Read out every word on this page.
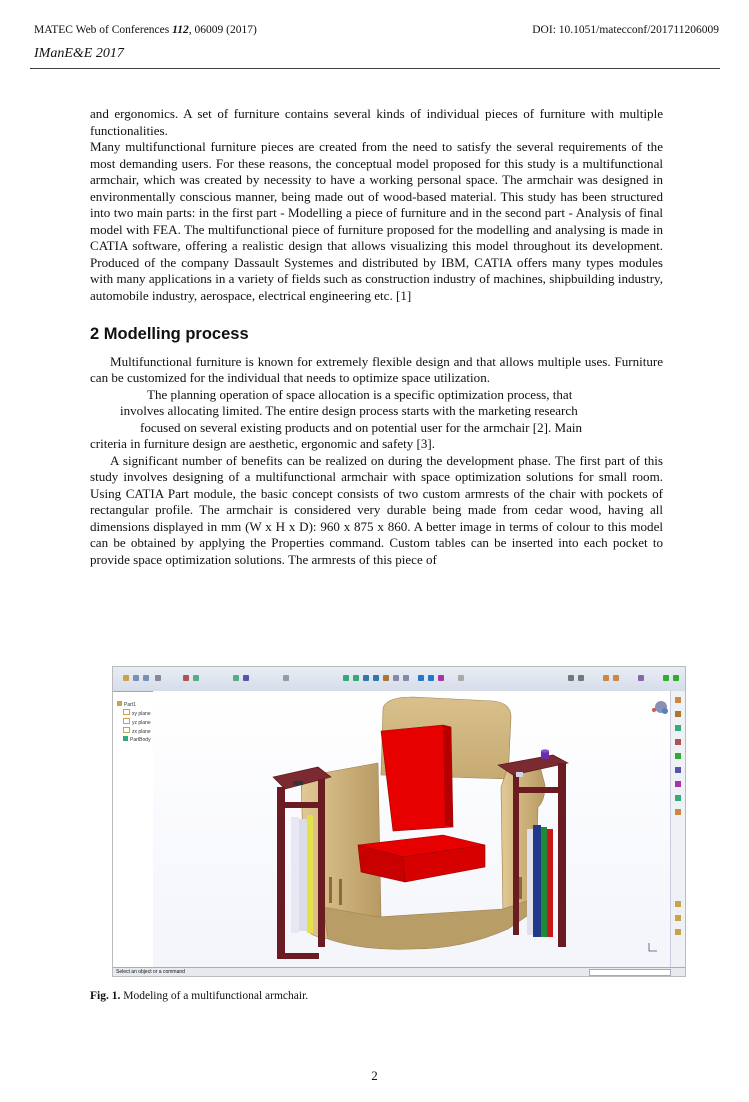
MATEC Web of Conferences 112, 06009 (2017)	DOI: 10.1051/matecconf/201711206009
IManE&E 2017

and ergonomics. A set of furniture contains several kinds of individual pieces of furniture with multiple functionalities.

Many multifunctional furniture pieces are created from the need to satisfy the several requirements of the most demanding users. For these reasons, the conceptual model proposed for this study is a multifunctional armchair, which was created by necessity to have a working personal space. The armchair was designed in environmentally conscious manner, being made out of wood-based material. This study has been structured into two main parts: in the first part - Modelling a piece of furniture and in the second part - Analysis of final model with FEA. The multifunctional piece of furniture proposed for the modelling and analysing is made in CATIA software, offering a realistic design that allows visualizing this model throughout its development. Produced of the company Dassault Systemes and distributed by IBM, CATIA offers many types modules with many applications in a variety of fields such as construction industry of machines, shipbuilding industry, automobile industry, aerospace, electrical engineering etc. [1]

2 Modelling process

Multifunctional furniture is known for extremely flexible design and that allows multiple uses. Furniture can be customized for the individual that needs to optimize space utilization.

The planning operation of space allocation is a specific optimization process, that

involves allocating limited. The entire design process starts with the marketing research

focused on several existing products and on potential user for the armchair [2]. Main

criteria in furniture design are aesthetic, ergonomic and safety [3].

A significant number of benefits can be realized on during the development phase. The first part of this study involves designing of a multifunctional armchair with space optimization solutions for small room. Using CATIA Part module, the basic concept consists of two custom armrests of the chair with pockets of rectangular profile. The armchair is considered very durable being made from cedar wood, having all dimensions displayed in mm (W x H x D): 960 x 875 x 860. A better image in terms of colour to this model can be obtained by applying the Properties command. Custom tables can be inserted into each pocket to provide space optimization solutions. The armrests of this piece of

Part1
xy plane
yz plane
zx plane
PartBody
Select an object or a command
Fig. 1. Modeling of a multifunctional armchair.
2
